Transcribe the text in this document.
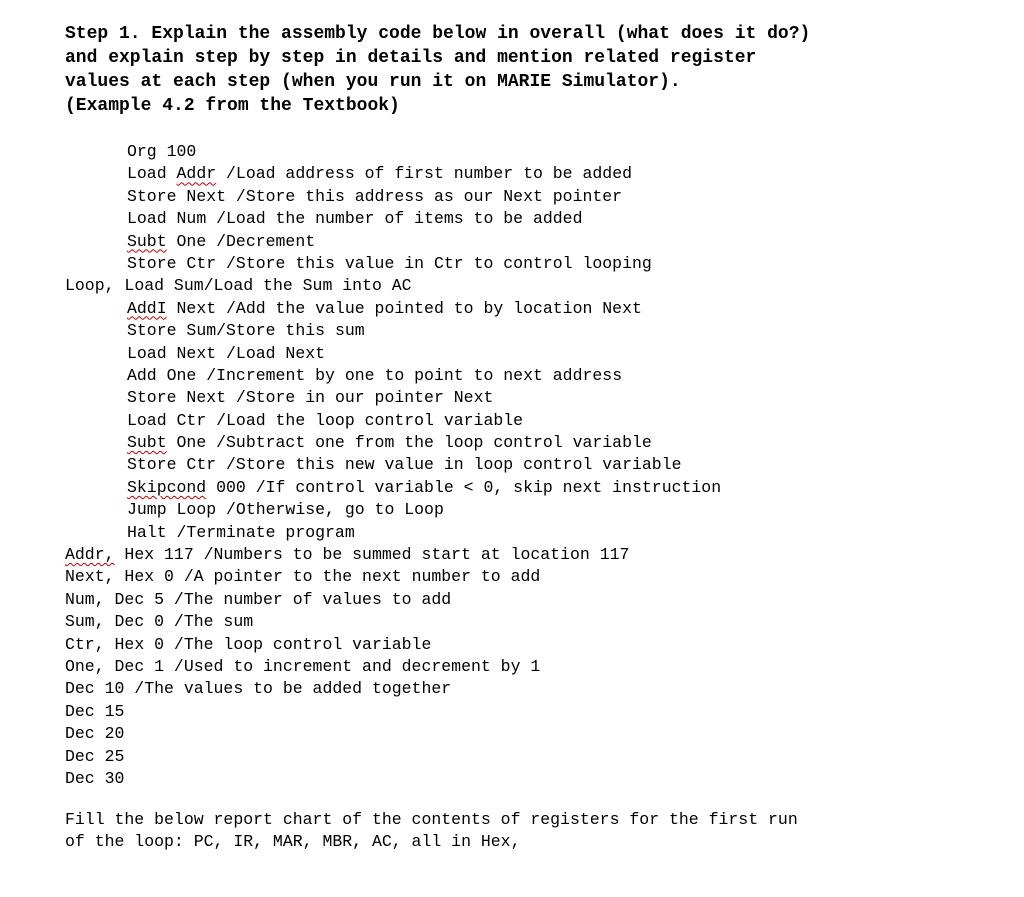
Step 1. Explain the assembly code below in overall (what does it do?)
and explain step by step in details and mention related register
values at each step (when you run it on MARIE Simulator).
(Example 4.2 from the Textbook)
Org 100
Load Addr /Load address of first number to be added
Store Next /Store this address as our Next pointer
Load Num /Load the number of items to be added
Subt One /Decrement
Store Ctr /Store this value in Ctr to control looping
Loop, Load Sum/Load the Sum into AC
AddI Next /Add the value pointed to by location Next
Store Sum/Store this sum
Load Next /Load Next
Add One /Increment by one to point to next address
Store Next /Store in our pointer Next
Load Ctr /Load the loop control variable
Subt One /Subtract one from the loop control variable
Store Ctr /Store this new value in loop control variable
Skipcond 000 /If control variable < 0, skip next instruction
Jump Loop /Otherwise, go to Loop
Halt /Terminate program
Addr, Hex 117 /Numbers to be summed start at location 117
Next, Hex 0 /A pointer to the next number to add
Num, Dec 5 /The number of values to add
Sum, Dec 0 /The sum
Ctr, Hex 0 /The loop control variable
One, Dec 1 /Used to increment and decrement by 1
Dec 10 /The values to be added together
Dec 15
Dec 20
Dec 25
Dec 30
Fill the below report chart of the contents of registers for the first run
of the loop: PC, IR, MAR, MBR, AC, all in Hex,
